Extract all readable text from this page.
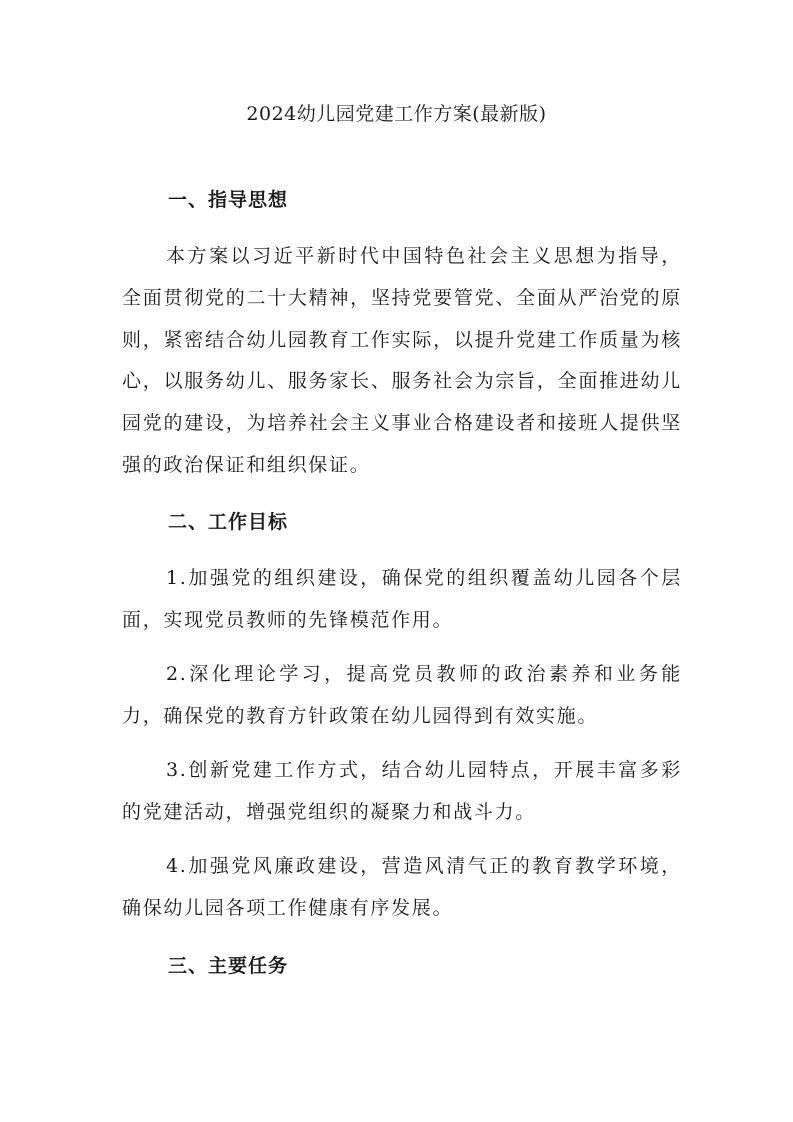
2024幼儿园党建工作方案(最新版)
一、指导思想
本方案以习近平新时代中国特色社会主义思想为指导，全面贯彻党的二十大精神，坚持党要管党、全面从严治党的原则，紧密结合幼儿园教育工作实际，以提升党建工作质量为核心，以服务幼儿、服务家长、服务社会为宗旨，全面推进幼儿园党的建设，为培养社会主义事业合格建设者和接班人提供坚强的政治保证和组织保证。
二、工作目标
1.加强党的组织建设，确保党的组织覆盖幼儿园各个层面，实现党员教师的先锋模范作用。
2.深化理论学习，提高党员教师的政治素养和业务能力，确保党的教育方针政策在幼儿园得到有效实施。
3.创新党建工作方式，结合幼儿园特点，开展丰富多彩的党建活动，增强党组织的凝聚力和战斗力。
4.加强党风廉政建设，营造风清气正的教育教学环境，确保幼儿园各项工作健康有序发展。
三、主要任务
